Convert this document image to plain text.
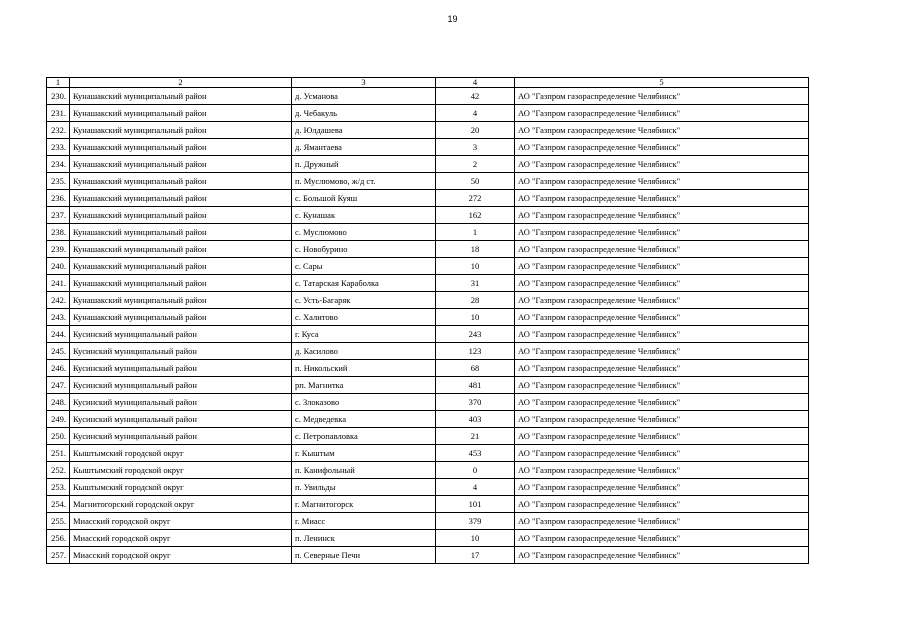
19
1	2	3	4	5
230.	Кунашакский муниципальный район	д. Усманова	42	АО "Газпром газораспределение Челябинск"
231.	Кунашакский муниципальный район	д. Чебакуль	4	АО "Газпром газораспределение Челябинск"
232.	Кунашакский муниципальный район	д. Юлдашева	20	АО "Газпром газораспределение Челябинск"
233.	Кунашакский муниципальный район	д. Ямантаева	3	АО "Газпром газораспределение Челябинск"
234.	Кунашакский муниципальный район	п. Дружный	2	АО "Газпром газораспределение Челябинск"
235.	Кунашакский муниципальный район	п. Муслюмово, ж/д ст.	50	АО "Газпром газораспределение Челябинск"
236.	Кунашакский муниципальный район	с. Большой Куяш	272	АО "Газпром газораспределение Челябинск"
237.	Кунашакский муниципальный район	с. Кунашак	162	АО "Газпром газораспределение Челябинск"
238.	Кунашакский муниципальный район	с. Муслюмово	1	АО "Газпром газораспределение Челябинск"
239.	Кунашакский муниципальный район	с. Новобурино	18	АО "Газпром газораспределение Челябинск"
240.	Кунашакский муниципальный район	с. Сары	10	АО "Газпром газораспределение Челябинск"
241.	Кунашакский муниципальный район	с. Татарская Караболка	31	АО "Газпром газораспределение Челябинск"
242.	Кунашакский муниципальный район	с. Усть-Багаряк	28	АО "Газпром газораспределение Челябинск"
243.	Кунашакский муниципальный район	с. Халитово	10	АО "Газпром газораспределение Челябинск"
244.	Кусинский муниципальный район	г. Куса	243	АО "Газпром газораспределение Челябинск"
245.	Кусинский муниципальный район	д. Касилово	123	АО "Газпром газораспределение Челябинск"
246.	Кусинский муниципальный район	п. Никольский	68	АО "Газпром газораспределение Челябинск"
247.	Кусинский муниципальный район	рп. Магнитка	481	АО "Газпром газораспределение Челябинск"
248.	Кусинский муниципальный район	с. Злоказово	370	АО "Газпром газораспределение Челябинск"
249.	Кусинский муниципальный район	с. Медведевка	403	АО "Газпром газораспределение Челябинск"
250.	Кусинский муниципальный район	с. Петропавловка	21	АО "Газпром газораспределение Челябинск"
251.	Кыштымский городской округ	г. Кыштым	453	АО "Газпром газораспределение Челябинск"
252.	Кыштымский городской округ	п. Канифольный	0	АО "Газпром газораспределение Челябинск"
253.	Кыштымский городской округ	п. Увильды	4	АО "Газпром газораспределение Челябинск"
254.	Магнитогорский городской округ	г. Магнитогорск	101	АО "Газпром газораспределение Челябинск"
255.	Миасский городской округ	г. Миасс	379	АО "Газпром газораспределение Челябинск"
256.	Миасский городской округ	п. Ленинск	10	АО "Газпром газораспределение Челябинск"
257.	Миасский городской округ	п. Северные Печи	17	АО "Газпром газораспределение Челябинск"
